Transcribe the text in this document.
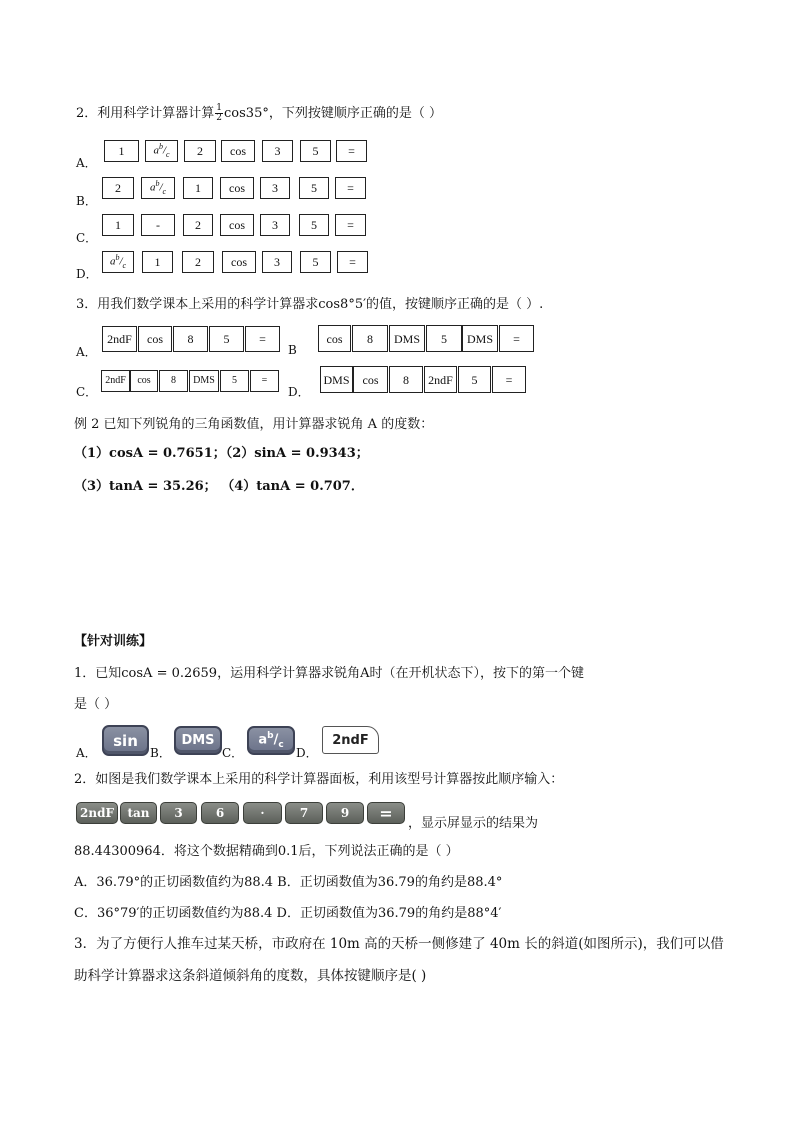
2．利用科学计算器计算 $\frac{1}{2} \cos 35^\circ$，下列按键顺序正确的是（ ）
A．
1	$a^b/_c$	2	cos	3	5	=
B．
2	$a^b/_c$	1	cos	3	5	=
C．
1	-	2	cos	3	5	=
D．
$a^b/_c$	1	2	cos	3	5	=
3．用我们数学课本上采用的科学计算器求cos8°5′的值，按键顺序正确的是（ ）.
A．
2ndF	cos	8	5	=
B
cos	8	DMS	5	DMS	=
C．
2ndF	cos	8	DMS	5	=
D．
DMS	cos	8	2ndF	5	=
例 2 已知下列锐角的三角函数值，用计算器求锐角 A 的度数：
（1）cosA = 0.7651；（2）sinA = 0.9343；
（3）tanA = 35.26； （4）tanA = 0.707．
【针对训练】
1．已知cosA = 0.2659，运用科学计算器求锐角A时（在开机状态下），按下的第一个键
是（ ）
A．
sin
B．
DMS
C．
$a^b/_c$
D．
2ndF
2．如图是我们数学课本上采用的科学计算器面板，利用该型号计算器按此顺序输入：
2ndF	tan	3	6	·	7	9	=
，显示屏显示的结果为
88.44300964．将这个数据精确到0.1后，下列说法正确的是（ ）
A．36.79°的正切函数值约为88.4 B．正切函数值为36.79的角约是88.4°
C．36°79′的正切函数值约为88.4 D．正切函数值为36.79的角约是88°4′
3．为了方便行人推车过某天桥，市政府在 10m 高的天桥一侧修建了 40m 长的斜道(如图所示)，我们可以借
助科学计算器求这条斜道倾斜角的度数，具体按键顺序是( )
